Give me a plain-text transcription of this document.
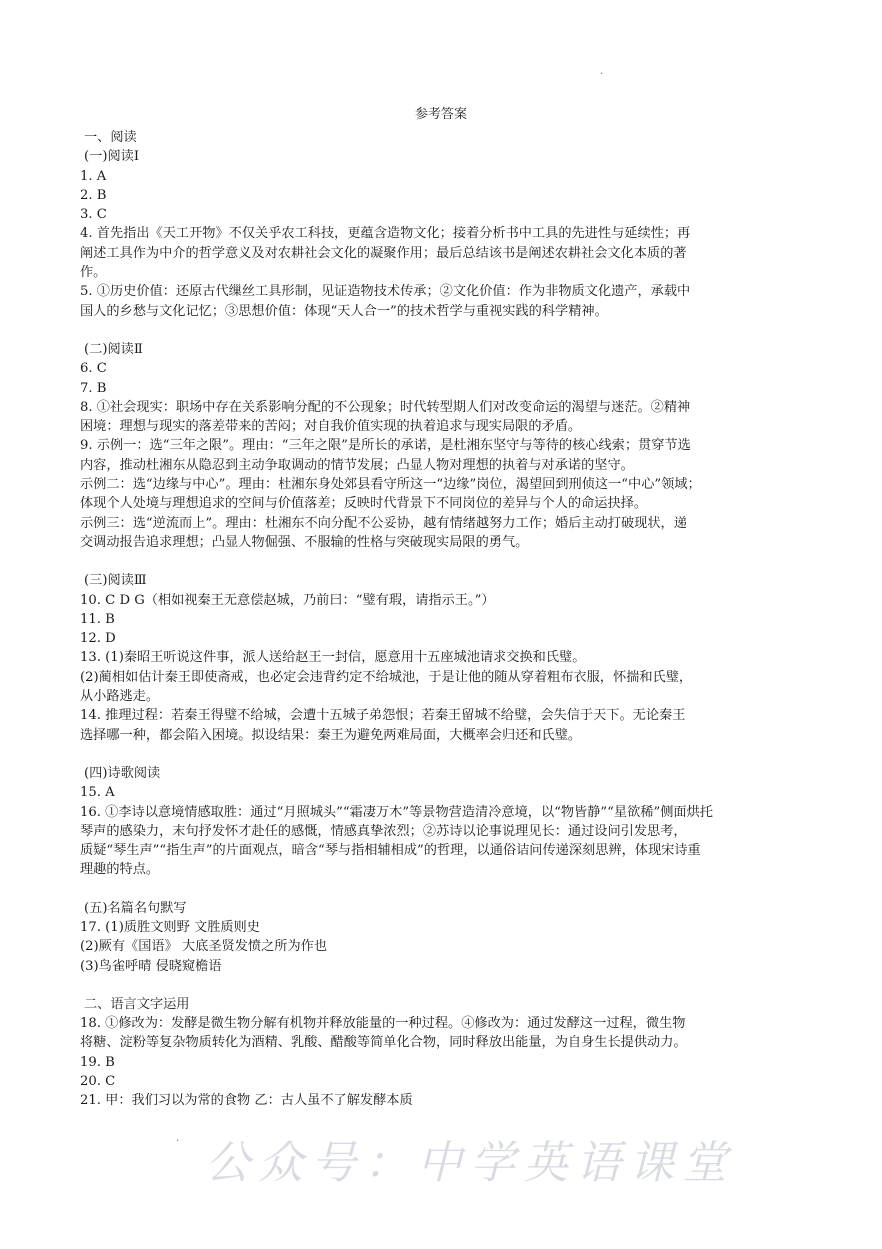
.
参考答案
一、阅读
(一)阅读Ⅰ
1. A
2. B
3. C
4. 首先指出《天工开物》不仅关乎农工科技，更蕴含造物文化；接着分析书中工具的先进性与延续性；再
阐述工具作为中介的哲学意义及对农耕社会文化的凝聚作用；最后总结该书是阐述农耕社会文化本质的著
作。
5. ①历史价值：还原古代缫丝工具形制，见证造物技术传承；②文化价值：作为非物质文化遗产，承载中
国人的乡愁与文化记忆；③思想价值：体现“天人合一”的技术哲学与重视实践的科学精神。
(二)阅读Ⅱ
6. C
7. B
8. ①社会现实：职场中存在关系影响分配的不公现象；时代转型期人们对改变命运的渴望与迷茫。②精神
困境：理想与现实的落差带来的苦闷；对自我价值实现的执着追求与现实局限的矛盾。
9. 示例一：选“三年之限”。理由：“三年之限”是所长的承诺，是杜湘东坚守与等待的核心线索；贯穿节选
内容，推动杜湘东从隐忍到主动争取调动的情节发展；凸显人物对理想的执着与对承诺的坚守。
示例二：选“边缘与中心”。理由：杜湘东身处郊县看守所这一“边缘”岗位，渴望回到刑侦这一“中心”领域；
体现个人处境与理想追求的空间与价值落差；反映时代背景下不同岗位的差异与个人的命运抉择。
示例三：选“逆流而上”。理由：杜湘东不向分配不公妥协，越有情绪越努力工作；婚后主动打破现状，递
交调动报告追求理想；凸显人物倔强、不服输的性格与突破现实局限的勇气。
(三)阅读Ⅲ
10. C D G（相如视秦王无意偿赵城，乃前曰：“璧有瑕，请指示王。”）
11. B
12. D
13. (1)秦昭王听说这件事，派人送给赵王一封信，愿意用十五座城池请求交换和氏璧。
(2)蔺相如估计秦王即使斋戒，也必定会违背约定不给城池，于是让他的随从穿着粗布衣服，怀揣和氏璧，
从小路逃走。
14. 推理过程：若秦王得璧不给城，会遭十五城子弟怨恨；若秦王留城不给璧，会失信于天下。无论秦王
选择哪一种，都会陷入困境。拟设结果：秦王为避免两难局面，大概率会归还和氏璧。
(四)诗歌阅读
15. A
16. ①李诗以意境情感取胜：通过“月照城头”“霜凄万木”等景物营造清冷意境，以“物皆静”“星欲稀”侧面烘托
琴声的感染力，末句抒发怀才赴任的感慨，情感真挚浓烈；②苏诗以论事说理见长：通过设问引发思考，
质疑“琴生声”“指生声”的片面观点，暗含“琴与指相辅相成”的哲理，以通俗诘问传递深刻思辨，体现宋诗重
理趣的特点。
(五)名篇名句默写
17. (1)质胜文则野 文胜质则史
(2)厥有《国语》 大底圣贤发愤之所为作也
(3)鸟雀呼晴 侵晓窥檐语
二、语言文字运用
18. ①修改为：发酵是微生物分解有机物并释放能量的一种过程。④修改为：通过发酵这一过程，微生物
将糖、淀粉等复杂物质转化为酒精、乳酸、醋酸等简单化合物，同时释放出能量，为自身生长提供动力。
19. B
20. C
21. 甲：我们习以为常的食物 乙：古人虽不了解发酵本质
. 公众号：中学英语课堂
